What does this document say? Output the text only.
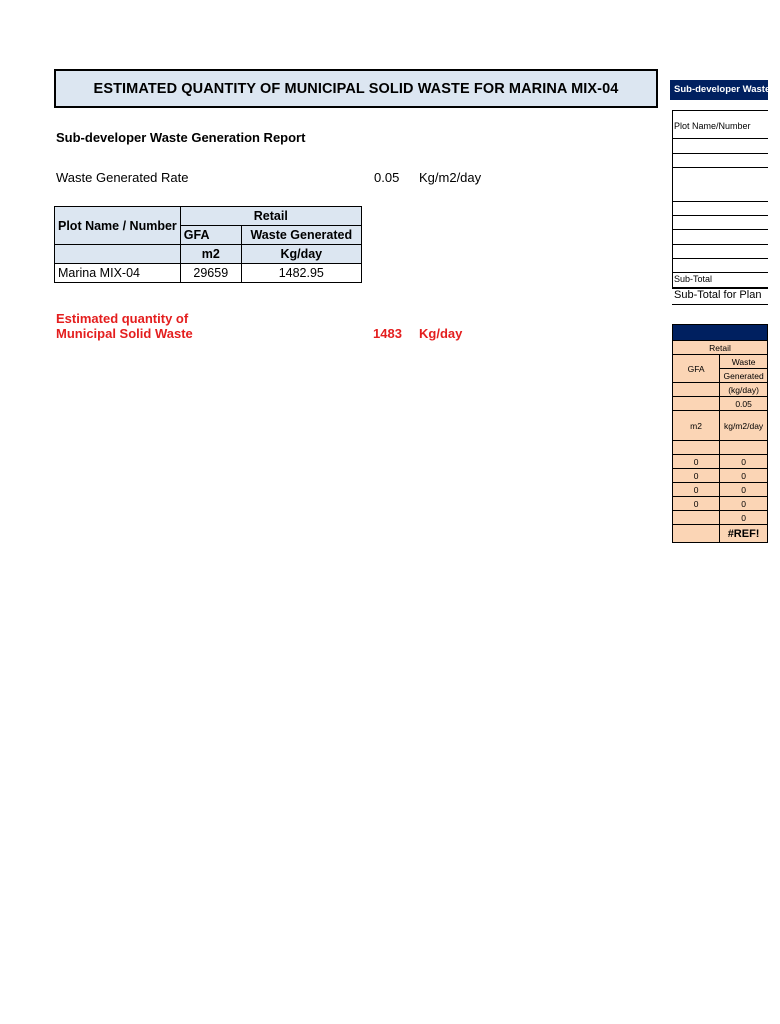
ESTIMATED QUANTITY OF MUNICIPAL SOLID WASTE FOR MARINA MIX-04
Sub-developer Waste Generation Report
Waste Generated Rate	0.05 Kg/m2/day
Plot Name / Number	Retail	
	GFA	Waste Generated
	m2	Kg/day
Marina MIX-04	29659	1482.95
Estimated quantity of
Municipal Solid Waste	1483 Kg/day
Sub-developer Waste G
Plot Name/Number
Sub-Total
Sub-Total for Plan

Retail	
GFA	Waste
	Generated
	(kg/day)
	0.05
m2	kg/m2/day

0	0
0	0
0	0
0	0
	0
	#REF!
